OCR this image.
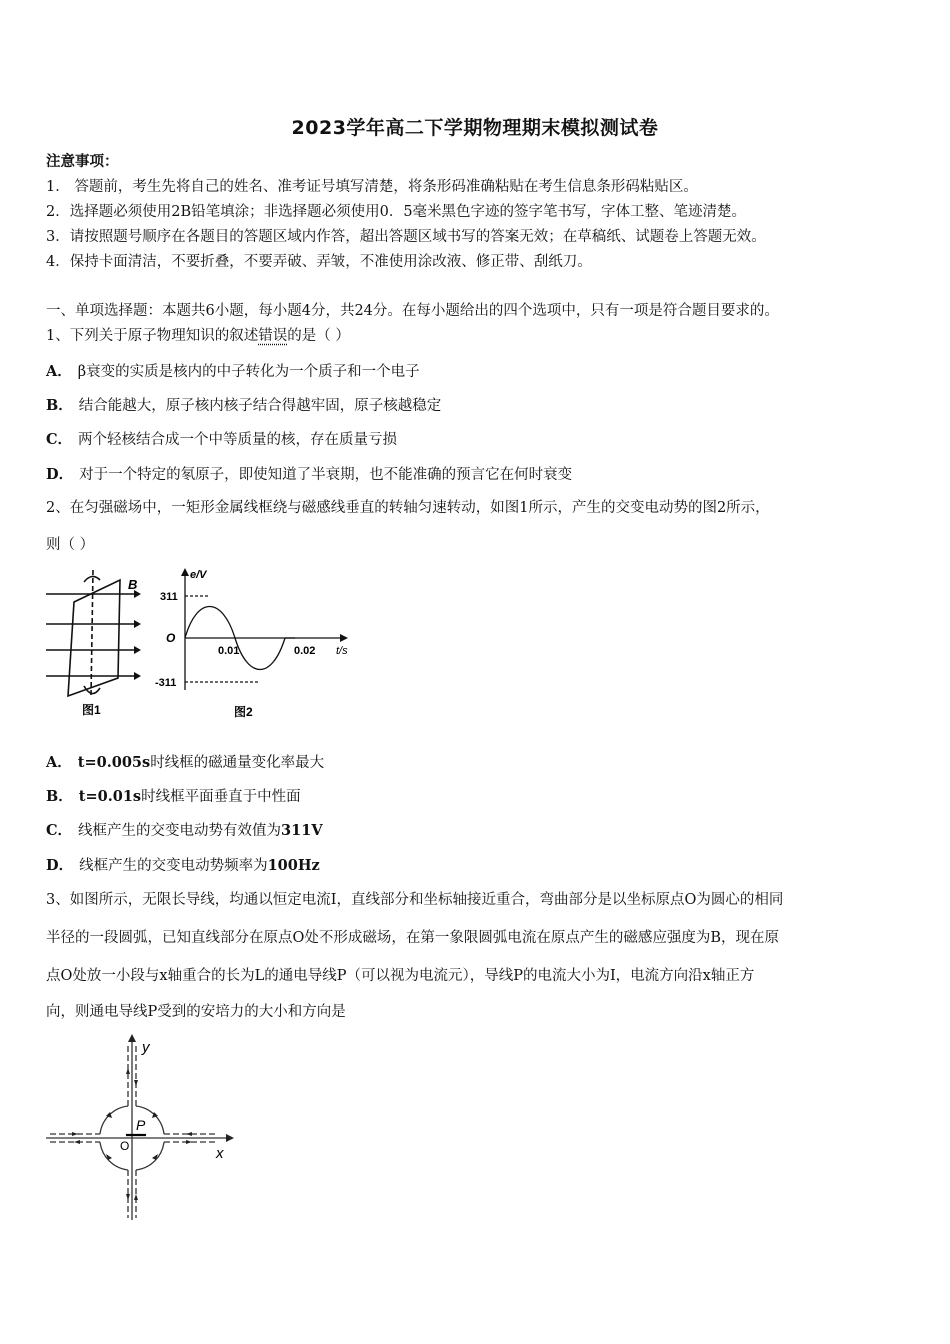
2023学年高二下学期物理期末模拟测试卷
注意事项：
1． 答题前，考生先将自己的姓名、准考证号填写清楚，将条形码准确粘贴在考生信息条形码粘贴区。
2．选择题必须使用2B铅笔填涂；非选择题必须使用0．5毫米黑色字迹的签字笔书写，字体工整、笔迹清楚。
3．请按照题号顺序在各题目的答题区域内作答，超出答题区域书写的答案无效；在草稿纸、试题卷上答题无效。
4．保持卡面清洁，不要折叠，不要弄破、弄皱，不准使用涂改液、修正带、刮纸刀。
一、单项选择题：本题共6小题，每小题4分，共24分。在每小题给出的四个选项中，只有一项是符合题目要求的。
1、下列关于原子物理知识的叙述错误的是（ ）
A． β衰变的实质是核内的中子转化为一个质子和一个电子
B． 结合能越大，原子核内核子结合得越牢固，原子核越稳定
C． 两个轻核结合成一个中等质量的核，存在质量亏损
D． 对于一个特定的氡原子，即使知道了半衰期，也不能准确的预言它在何时衰变
2、在匀强磁场中，一矩形金属线框绕与磁感线垂直的转轴匀速转动，如图1所示，产生的交变电动势的图2所示，
则（ ）
B
图1
e/V
t/s
O
311
-311
0.01	0.02
图2
A． t=0.005s时线框的磁通量变化率最大
B． t=0.01s时线框平面垂直于中性面
C． 线框产生的交变电动势有效值为311V
D． 线框产生的交变电动势频率为100Hz
3、如图所示，无限长导线，均通以恒定电流I，直线部分和坐标轴接近重合，弯曲部分是以坐标原点O为圆心的相同
半径的一段圆弧，已知直线部分在原点O处不形成磁场，在第一象限圆弧电流在原点产生的磁感应强度为B，现在原
点O处放一小段与x轴重合的长为L的通电导线P（可以视为电流元），导线P的电流大小为I，电流方向沿x轴正方
向，则通电导线P受到的安培力的大小和方向是
y
x
P
O
